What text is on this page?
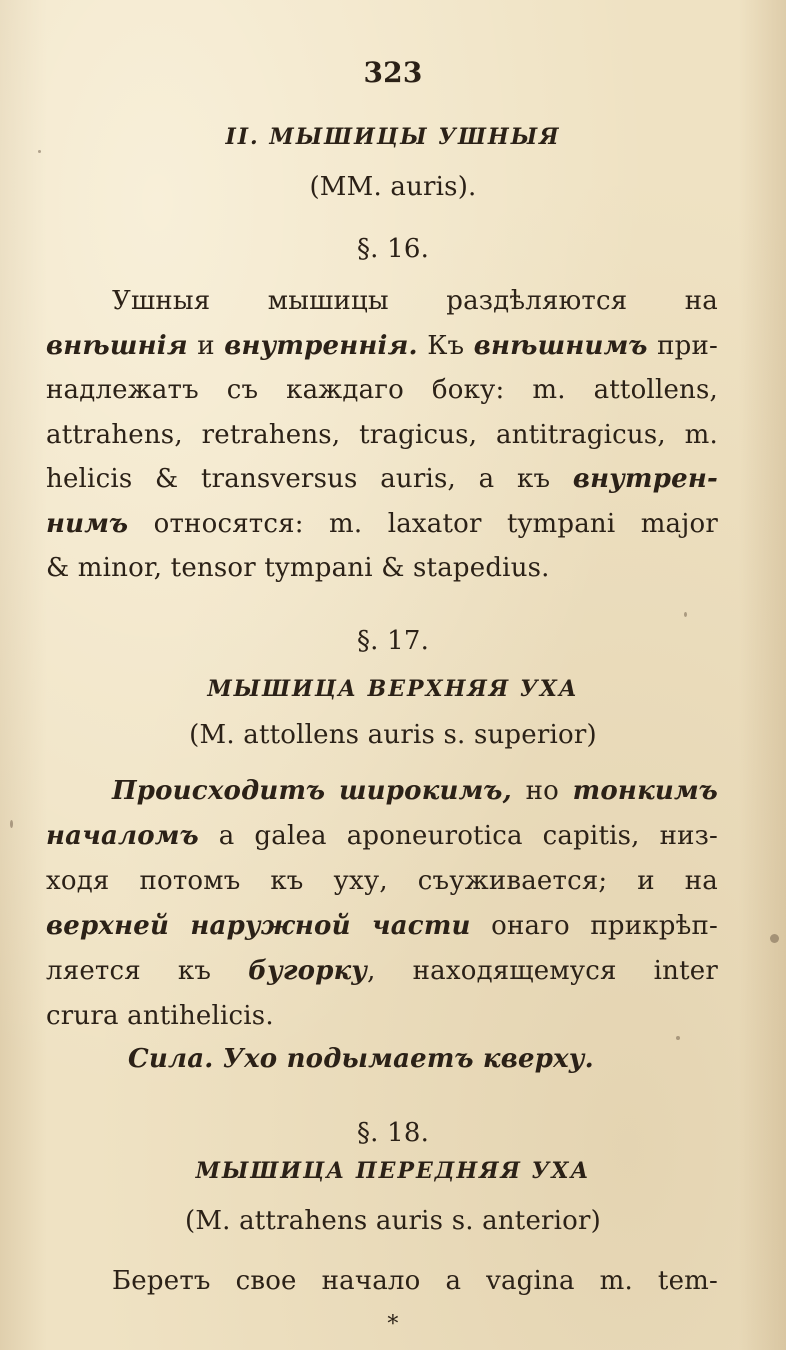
323
II. МЫШИЦЫ УШНЫЯ
(MM. auris).
§. 16.
Ушныя мышицы раздѣляются на
внѣшнія и внутреннія. Къ внѣшнимъ при-
надлежатъ съ каждаго боку: m. attollens,
attrahens, retrahens, tragicus, antitragicus, m.
helicis & transversus auris, а къ внутрен-
нимъ относятся: m. laxator tympani major
& minor, tensor tympani & stapedius.
§. 17.
МЫШИЦА ВЕРХНЯЯ УХА
(M. attollens auris s. superior)
Происходитъ широкимъ, но тонкимъ
началомъ a galea aponeurotica capitis, низ-
ходя потомъ къ уху, съуживается; и на
верхней наружной части онаго прикрѣп-
ляется къ бугорку, находящемуся inter
crura antihelicis.
Сила. Ухо подымаетъ кверху.
§. 18.
МЫШИЦА ПЕРЕДНЯЯ УХА
(M. attrahens auris s. anterior)
Беретъ свое начало a vagina m. tem-
*
